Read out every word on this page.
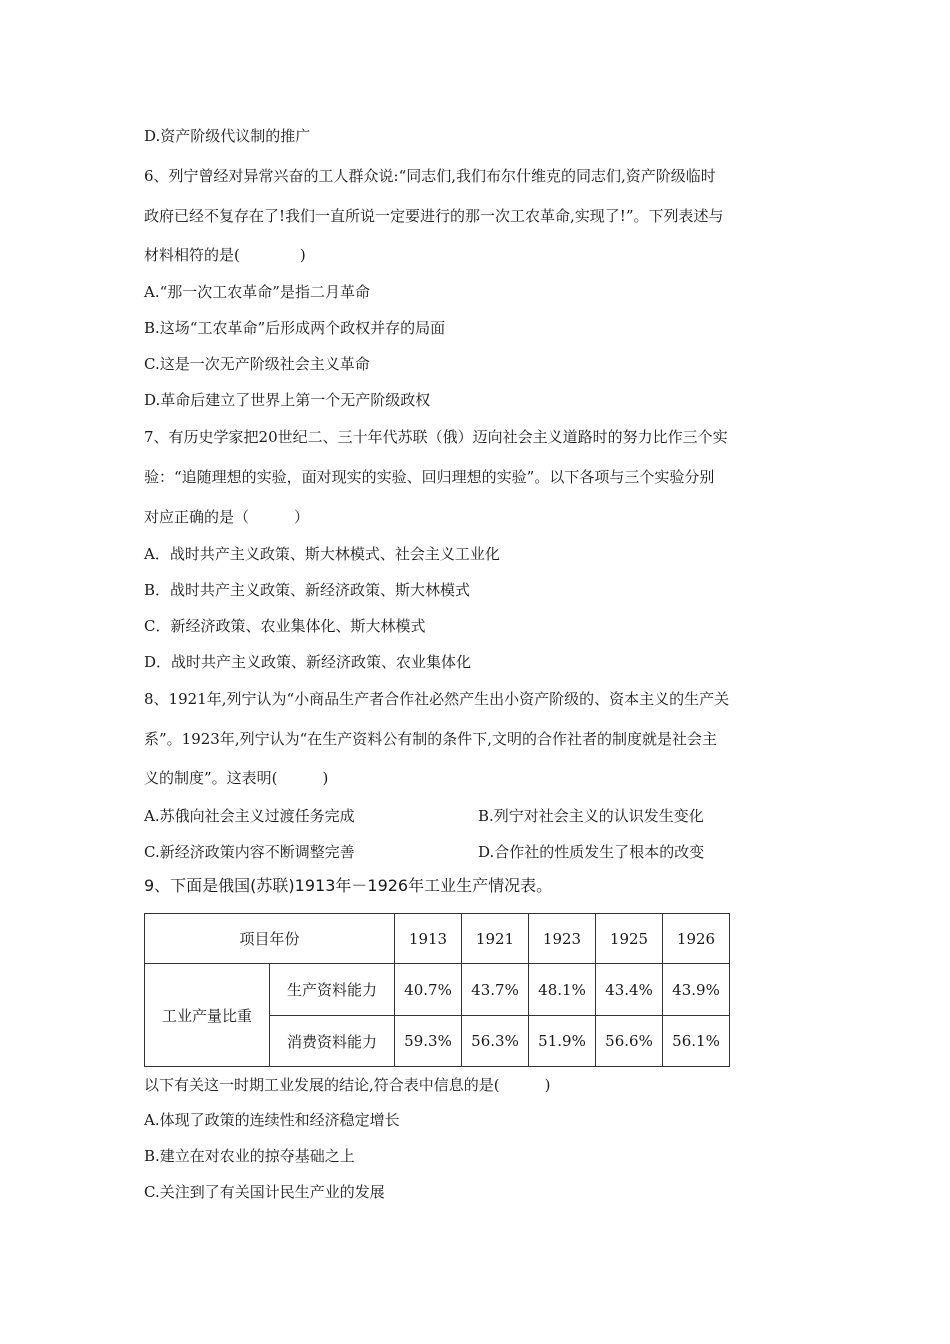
D.资产阶级代议制的推广
6、列宁曾经对异常兴奋的工人群众说:“同志们,我们布尔什维克的同志们,资产阶级临时
政府已经不复存在了!我们一直所说一定要进行的那一次工农革命,实现了!”。下列表述与
材料相符的是(　　　　)
A.“那一次工农革命”是指二月革命
B.这场“工农革命”后形成两个政权并存的局面
C.这是一次无产阶级社会主义革命
D.革命后建立了世界上第一个无产阶级政权
7、有历史学家把20世纪二、三十年代苏联（俄）迈向社会主义道路时的努力比作三个实
验：“追随理想的实验，面对现实的实验、回归理想的实验”。以下各项与三个实验分别
对应正确的是（　　　）
A．战时共产主义政策、斯大林模式、社会主义工业化
B．战时共产主义政策、新经济政策、斯大林模式
C．新经济政策、农业集体化、斯大林模式
D．战时共产主义政策、新经济政策、农业集体化
8、1921年,列宁认为“小商品生产者合作社必然产生出小资产阶级的、资本主义的生产关
系”。1923年,列宁认为“在生产资料公有制的条件下,文明的合作社者的制度就是社会主
义的制度”。这表明(　　　)
A.苏俄向社会主义过渡任务完成	B.列宁对社会主义的认识发生变化
C.新经济政策内容不断调整完善	D.合作社的性质发生了根本的改变
9、下面是俄国(苏联)1913年－1926年工业生产情况表。
项目年份		1913	1921	1923	1925	1926
工业产量比重	生产资料能力	40.7%	43.7%	48.1%	43.4%	43.9%
	消费资料能力	59.3%	56.3%	51.9%	56.6%	56.1%
以下有关这一时期工业发展的结论,符合表中信息的是(　　　)
A.体现了政策的连续性和经济稳定增长
B.建立在对农业的掠夺基础之上
C.关注到了有关国计民生产业的发展
